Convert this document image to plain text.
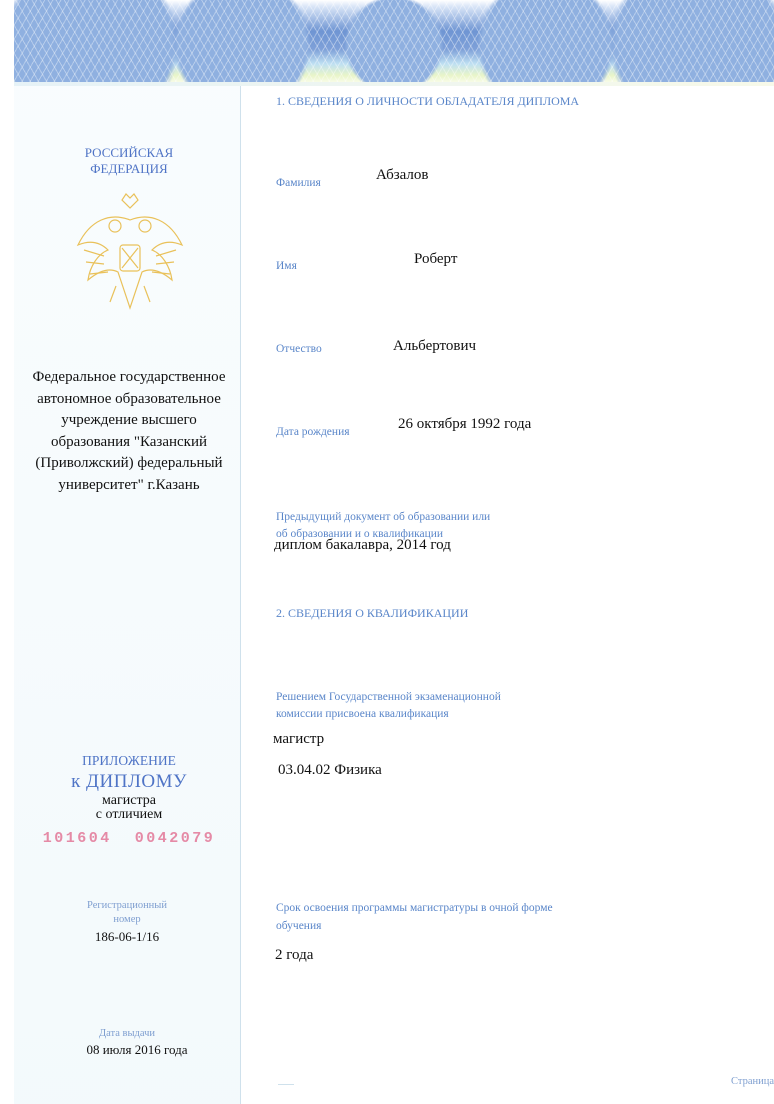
РОССИЙСКАЯ
ФЕДЕРАЦИЯ
Федеральное государственное автономное образовательное учреждение высшего образования "Казанский (Приволжский) федеральный университет" г.Казань
ПРИЛОЖЕНИЕ
к ДИПЛОМУ
магистра
с отличием
101604  0042079
Регистрационный
номер
186-06-1/16
Дата выдачи
08 июля 2016 года
1. СВЕДЕНИЯ О ЛИЧНОСТИ ОБЛАДАТЕЛЯ ДИПЛОМА
Фамилия	Абзалов
Имя	Роберт
Отчество	Альбертович
Дата рождения	26 октября 1992 года
Предыдущий документ об образовании или
об образовании и о квалификации
диплом бакалавра, 2014 год
2. СВЕДЕНИЯ О КВАЛИФИКАЦИИ
Решением Государственной экзаменационной
комиссии присвоена квалификация
магистр
03.04.02 Физика
Срок освоения программы магистратуры в очной форме
обучения
2 года
Страница
